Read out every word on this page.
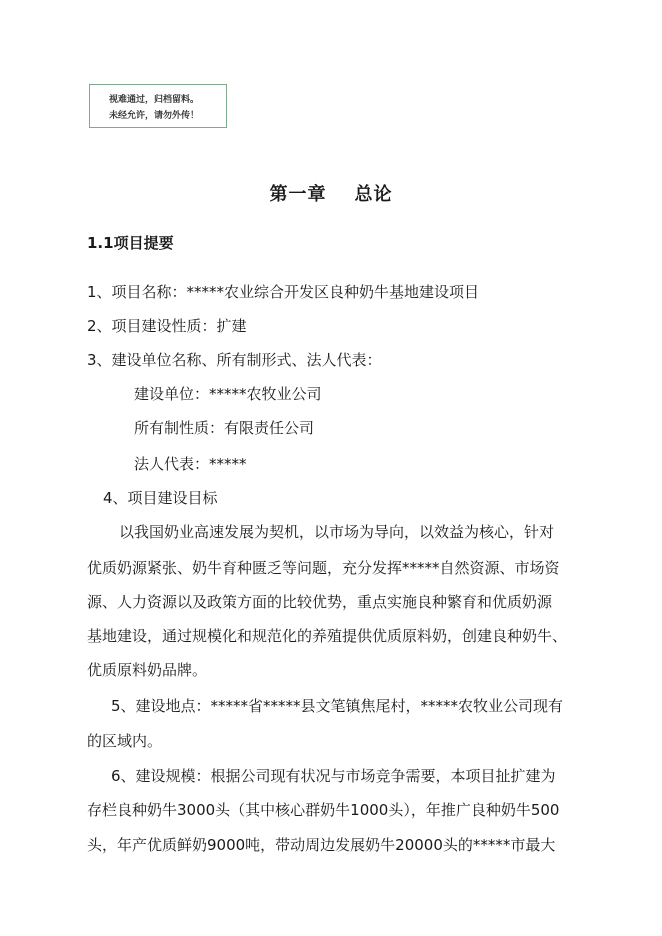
视难通过，归档留料。
未经允许，请勿外传！
第一章 总论
1.1项目提要
1、项目名称：*****农业综合开发区良种奶牛基地建设项目
2、项目建设性质：扩建
3、建设单位名称、所有制形式、法人代表：
建设单位：*****农牧业公司
所有制性质：有限责任公司
法人代表：*****
4、项目建设目标
以我国奶业高速发展为契机，以市场为导向，以效益为核心，针对
优质奶源紧张、奶牛育种匮乏等问题，充分发挥*****自然资源、市场资
源、人力资源以及政策方面的比较优势，重点实施良种繁育和优质奶源
基地建设，通过规模化和规范化的养殖提供优质原料奶，创建良种奶牛、
优质原料奶品牌。
5、建设地点：*****省*****县文笔镇焦尾村，*****农牧业公司现有
的区域内。
6、建设规模：根据公司现有状况与市场竞争需要，本项目扯扩建为
存栏良种奶牛3000头（其中核心群奶牛1000头），年推广良种奶牛500
头，年产优质鲜奶9000吨，带动周边发展奶牛20000头的*****市最大
